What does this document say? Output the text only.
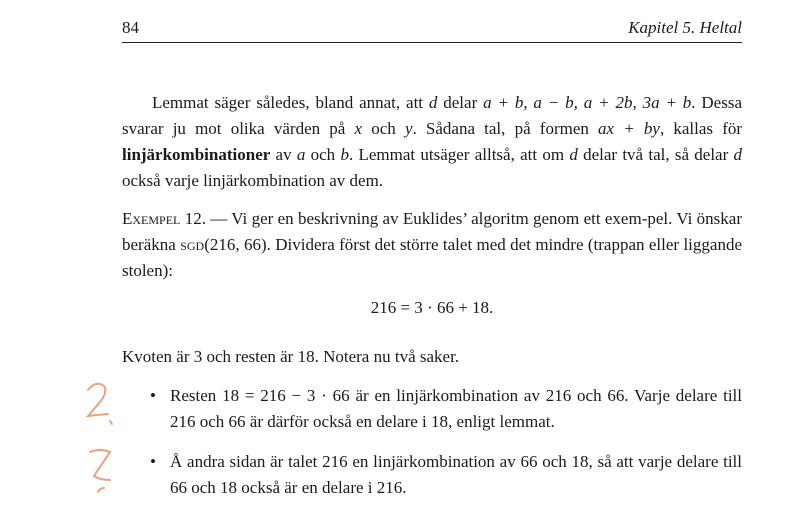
84	Kapitel 5. Heltal
Lemmat säger således, bland annat, att d delar a + b, a − b, a + 2b, 3a + b. Dessa svarar ju mot olika värden på x och y. Sådana tal, på formen ax + by, kallas för linjärkombinationer av a och b. Lemmat utsäger alltså, att om d delar två tal, så delar d också varje linjärkombination av dem.
Exempel 12. — Vi ger en beskrivning av Euklides’ algoritm genom ett exem-pel. Vi önskar beräkna sgd(216, 66). Dividera först det större talet med det mindre (trappan eller liggande stolen):
216 = 3 · 66 + 18.
Kvoten är 3 och resten är 18. Notera nu två saker.
• Resten 18 = 216 − 3 · 66 är en linjärkombination av 216 och 66. Varje delare till 216 och 66 är därför också en delare i 18, enligt lemmat.
• Å andra sidan är talet 216 en linjärkombination av 66 och 18, så att varje delare till 66 och 18 också är en delare i 216.
